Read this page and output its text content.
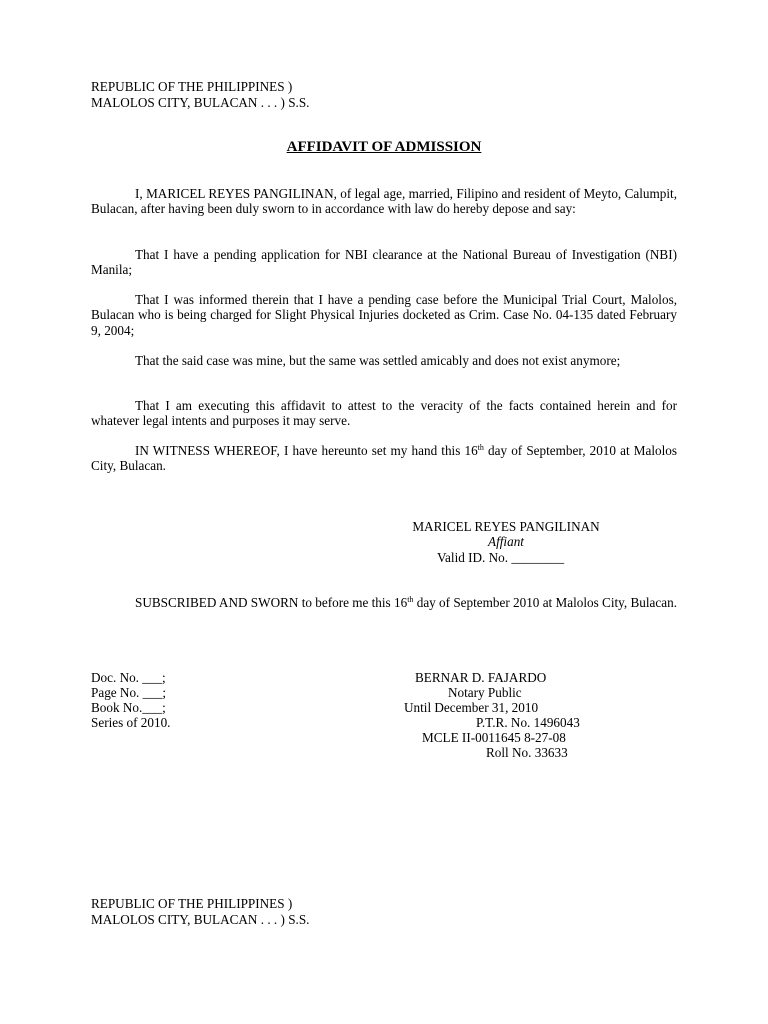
REPUBLIC OF THE PHILIPPINES )
MALOLOS CITY, BULACAN . . . ) S.S.
AFFIDAVIT OF ADMISSION
I, MARICEL REYES PANGILINAN, of legal age, married, Filipino and resident of Meyto, Calumpit, Bulacan, after having been duly sworn to in accordance with law do hereby depose and say:
That I have a pending application for NBI clearance at the National Bureau of Investigation (NBI) Manila;
That I was informed therein that I have a pending case before the Municipal Trial Court, Malolos, Bulacan who is being charged for Slight Physical Injuries docketed as Crim. Case No. 04-135 dated February 9, 2004;
That the said case was mine, but the same was settled amicably and does not exist anymore;
That I am executing this affidavit to attest to the veracity of the facts contained herein and for whatever legal intents and purposes it may serve.
IN WITNESS WHEREOF, I have hereunto set my hand this 16th day of September, 2010 at Malolos City, Bulacan.
MARICEL REYES PANGILINAN
Affiant
Valid ID. No. ________
SUBSCRIBED AND SWORN to before me this 16th day of September 2010 at Malolos City, Bulacan.
Doc. No. ___;
Page No. ___;
Book No.___;
Series of 2010.
BERNAR D. FAJARDO
Notary Public
Until December 31, 2010
P.T.R. No. 1496043
MCLE II-0011645 8-27-08
Roll No. 33633
REPUBLIC OF THE PHILIPPINES )
MALOLOS CITY, BULACAN . . . ) S.S.
